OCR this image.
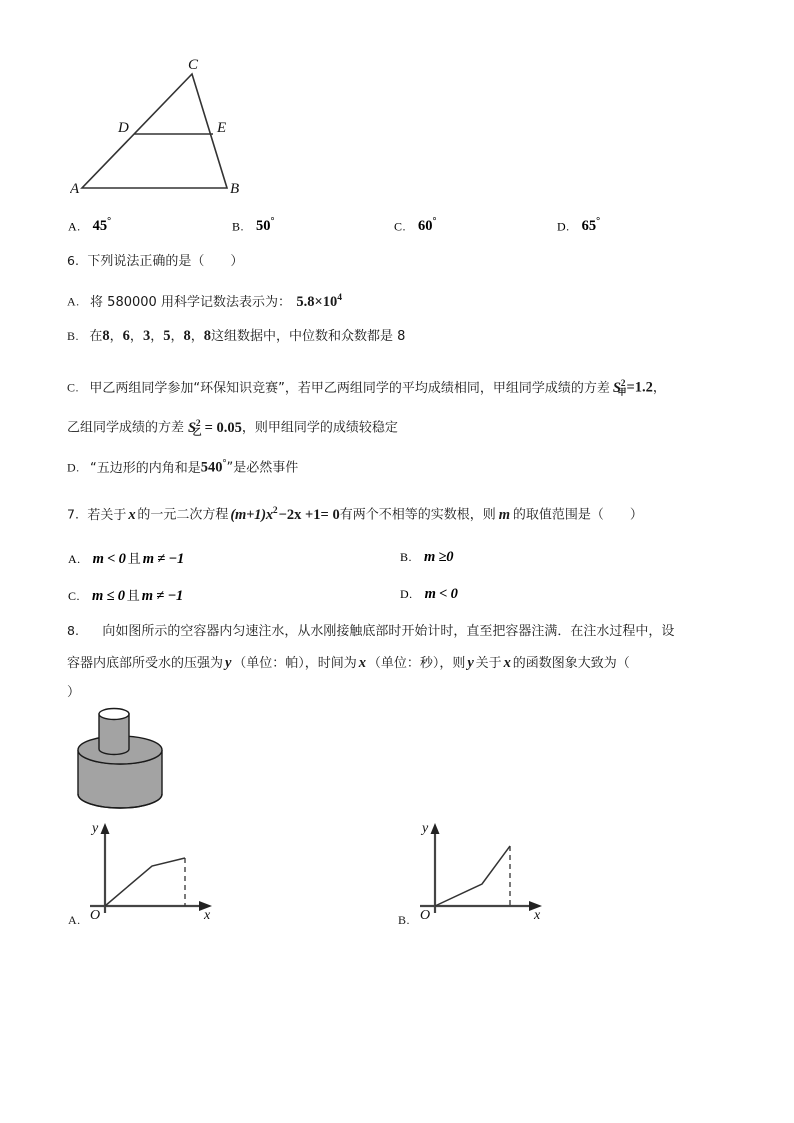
C
D	E
A	B
A. 45°	B. 50°	C. 60°	D. 65°
6. 下列说法正确的是（　　）
A. 将 580000 用科学记数法表示为： $5.8\times 10^4$
B. 在8，6，3，5，8，8这组数据中，中位数和众数都是 8
C. 甲乙两组同学参加“环保知识竞赛”，若甲乙两组同学的平均成绩相同，甲组同学成绩的方差 $S^2_甲=1.2$，
乙组同学成绩的方差 $S^2_乙 = 0.05$，则甲组同学的成绩较稳定
D. “五边形的内角和是540°”是必然事件
7. 若关于 x 的一元二次方程 $(m+1)x^2-2x +1= 0$有两个不相等的实数根，则 m 的取值范围是（　　）
A. m < 0 且 m ≠ −1	B. m ≥0
C. m ≤ 0 且 m ≠ −1	D. m < 0
8. 向如图所示的空容器内匀速注水，从水刚接触底部时开始计时，直至把容器注满．在注水过程中，设
容器内底部所受水的压强为 y （单位：帕），时间为 x （单位：秒），则 y 关于 x 的函数图象大致为（
）
y
x
O
A.
y
x
O
B.
